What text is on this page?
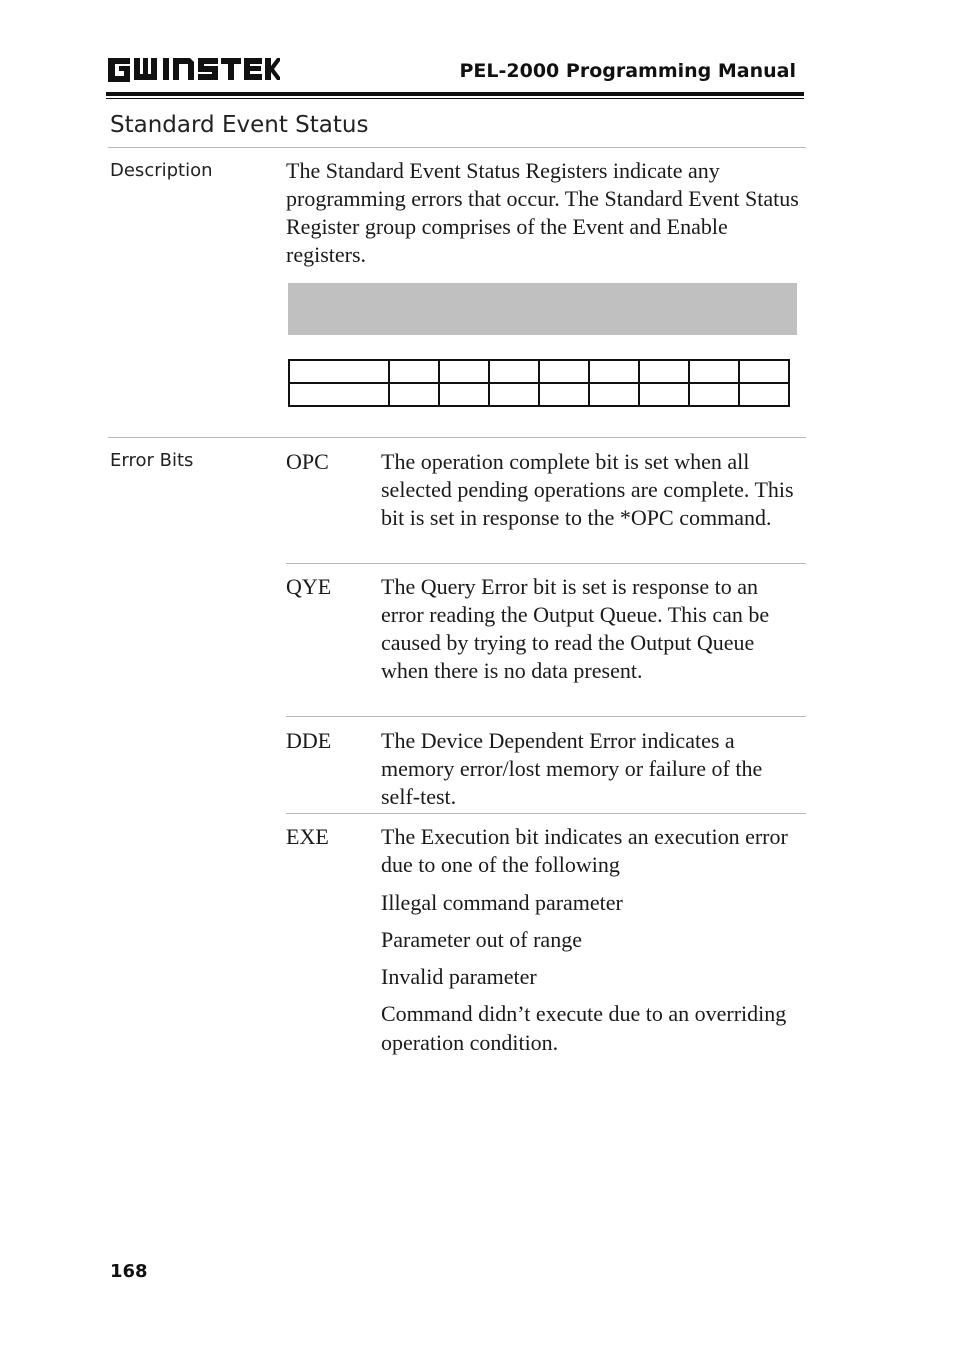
PEL-2000 Programming Manual
Standard Event Status
Description	The Standard Event Status Registers indicate any programming errors that occur. The Standard Event Status Register group comprises of the Event and Enable registers.

Error Bits	OPC The operation complete bit is set when all selected pending operations are complete. This bit is set in response to the *OPC command.
QYE The Query Error bit is set is response to an error reading the Output Queue. This can be caused by trying to read the Output Queue when there is no data present.
DDE The Device Dependent Error indicates a memory error/lost memory or failure of the self-test.
EXE The Execution bit indicates an execution error due to one of the following
Illegal command parameter
Parameter out of range
Invalid parameter
Command didn’t execute due to an overriding operation condition.
168
